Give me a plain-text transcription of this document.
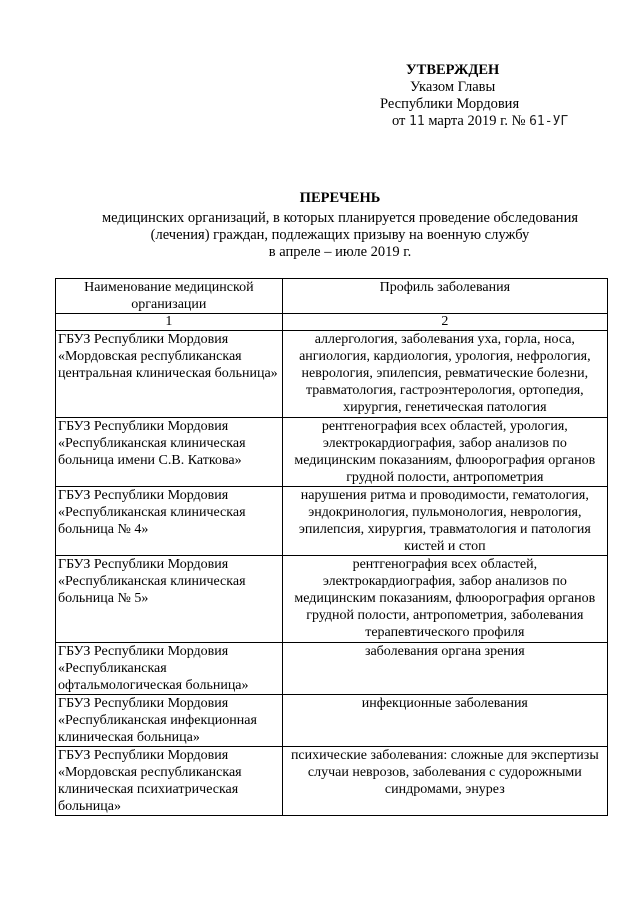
УТВЕРЖДЕН
Указом Главы
Республики Мордовия
от 11 марта 2019 г. № 61-УГ
ПЕРЕЧЕНЬ
медицинских организаций, в которых планируется проведение обследования
(лечения) граждан, подлежащих призыву на военную службу
в апреле – июле 2019 г.
Наименование медицинской организации	Профиль заболевания
1	2
ГБУЗ Республики Мордовия «Мордовская республиканская центральная клиническая больница»	аллергология, заболевания уха, горла, носа, ангиология, кардиология, урология, нефрология, неврология, эпилепсия, ревматические болезни, травматология, гастроэнтерология, ортопедия, хирургия, генетическая патология
ГБУЗ Республики Мордовия «Республиканская клиническая больница имени С.В. Каткова»	рентгенография всех областей, урология, электрокардиография, забор анализов по медицинским показаниям, флюорография органов грудной полости, антропометрия
ГБУЗ Республики Мордовия «Республиканская клиническая больница № 4»	нарушения ритма и проводимости, гематология, эндокринология, пульмонология, неврология, эпилепсия, хирургия, травматология и патология кистей и стоп
ГБУЗ Республики Мордовия «Республиканская клиническая больница № 5»	рентгенография всех областей, электрокардиография, забор анализов по медицинским показаниям, флюорография органов грудной полости, антропометрия, заболевания терапевтического профиля
ГБУЗ Республики Мордовия «Республиканская офтальмологическая больница»	заболевания органа зрения
ГБУЗ Республики Мордовия «Республиканская инфекционная клиническая больница»	инфекционные заболевания
ГБУЗ Республики Мордовия «Мордовская республиканская клиническая психиатрическая больница»	психические заболевания: сложные для экспертизы случаи неврозов, заболевания с судорожными синдромами, энурез
